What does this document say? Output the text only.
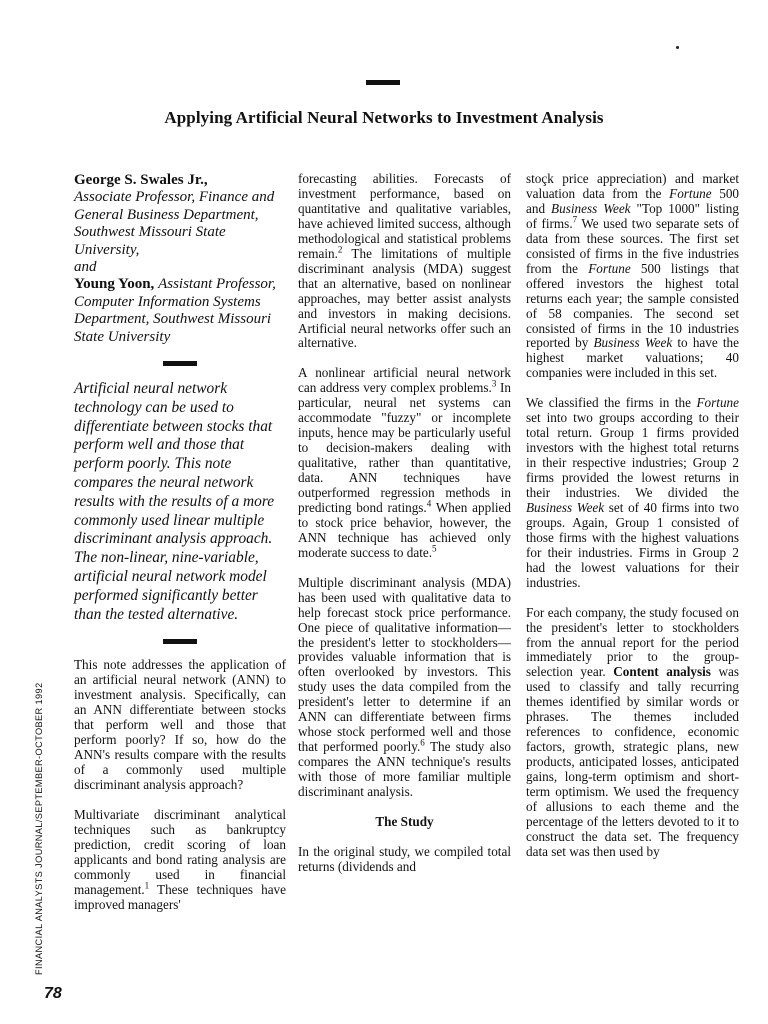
Applying Artificial Neural Networks to Investment Analysis

George S. Swales Jr.,
Associate Professor, Finance and General Business Department, Southwest Missouri State University,
and
Young Yoon, Assistant Professor, Computer Information Systems Department, Southwest Missouri State University

Artificial neural network technology can be used to differentiate between stocks that perform well and those that perform poorly. This note compares the neural network results with the results of a more commonly used linear multiple discriminant analysis approach. The non-linear, nine-variable, artificial neural network model performed significantly better than the tested alternative.

This note addresses the application of an artificial neural network (ANN) to investment analysis. Specifically, can an ANN differentiate between stocks that perform well and those that perform poorly? If so, how do the ANN's results compare with the results of a commonly used multiple discriminant analysis approach?

Multivariate discriminant analytical techniques such as bankruptcy prediction, credit scoring of loan applicants and bond rating analysis are commonly used in financial management.$^1$ These techniques have improved managers'

forecasting abilities. Forecasts of investment performance, based on quantitative and qualitative variables, have achieved limited success, although methodological and statistical problems remain.$^2$ The limitations of multiple discriminant analysis (MDA) suggest that an alternative, based on nonlinear approaches, may better assist analysts and investors in making decisions. Artificial neural networks offer such an alternative.

A nonlinear artificial neural network can address very complex problems.$^3$ In particular, neural net systems can accommodate "fuzzy" or incomplete inputs, hence may be particularly useful to decision-makers dealing with qualitative, rather than quantitative, data. ANN techniques have outperformed regression methods in predicting bond ratings.$^4$ When applied to stock price behavior, however, the ANN technique has achieved only moderate success to date.$^5$

Multiple discriminant analysis (MDA) has been used with qualitative data to help forecast stock price performance. One piece of qualitative information—the president's letter to stockholders—provides valuable information that is often overlooked by investors. This study uses the data compiled from the president's letter to determine if an ANN can differentiate between firms whose stock performed well and those that performed poorly.$^6$ The study also compares the ANN technique's results with those of more familiar multiple discriminant analysis.

The Study

In the original study, we compiled total returns (dividends and

stoçk price appreciation) and market valuation data from the Fortune 500 and Business Week "Top 1000" listing of firms.$^7$ We used two separate sets of data from these sources. The first set consisted of firms in the five industries from the Fortune 500 listings that offered investors the highest total returns each year; the sample consisted of 58 companies. The second set consisted of firms in the 10 industries reported by Business Week to have the highest market valuations; 40 companies were included in this set.

We classified the firms in the Fortune set into two groups according to their total return. Group 1 firms provided investors with the highest total returns in their respective industries; Group 2 firms provided the lowest returns in their industries. We divided the Business Week set of 40 firms into two groups. Again, Group 1 consisted of those firms with the highest valuations for their industries. Firms in Group 2 had the lowest valuations for their industries.

For each company, the study focused on the president's letter to stockholders from the annual report for the period immediately prior to the group-selection year. Content analysis was used to classify and tally recurring themes identified by similar words or phrases. The themes included references to confidence, economic factors, growth, strategic plans, new products, anticipated losses, anticipated gains, long-term optimism and short-term optimism. We used the frequency of allusions to each theme and the percentage of the letters devoted to it to construct the data set. The frequency data set was then used by

FINANCIAL ANALYSTS JOURNAL/SEPTEMBER-OCTOBER 1992
78
